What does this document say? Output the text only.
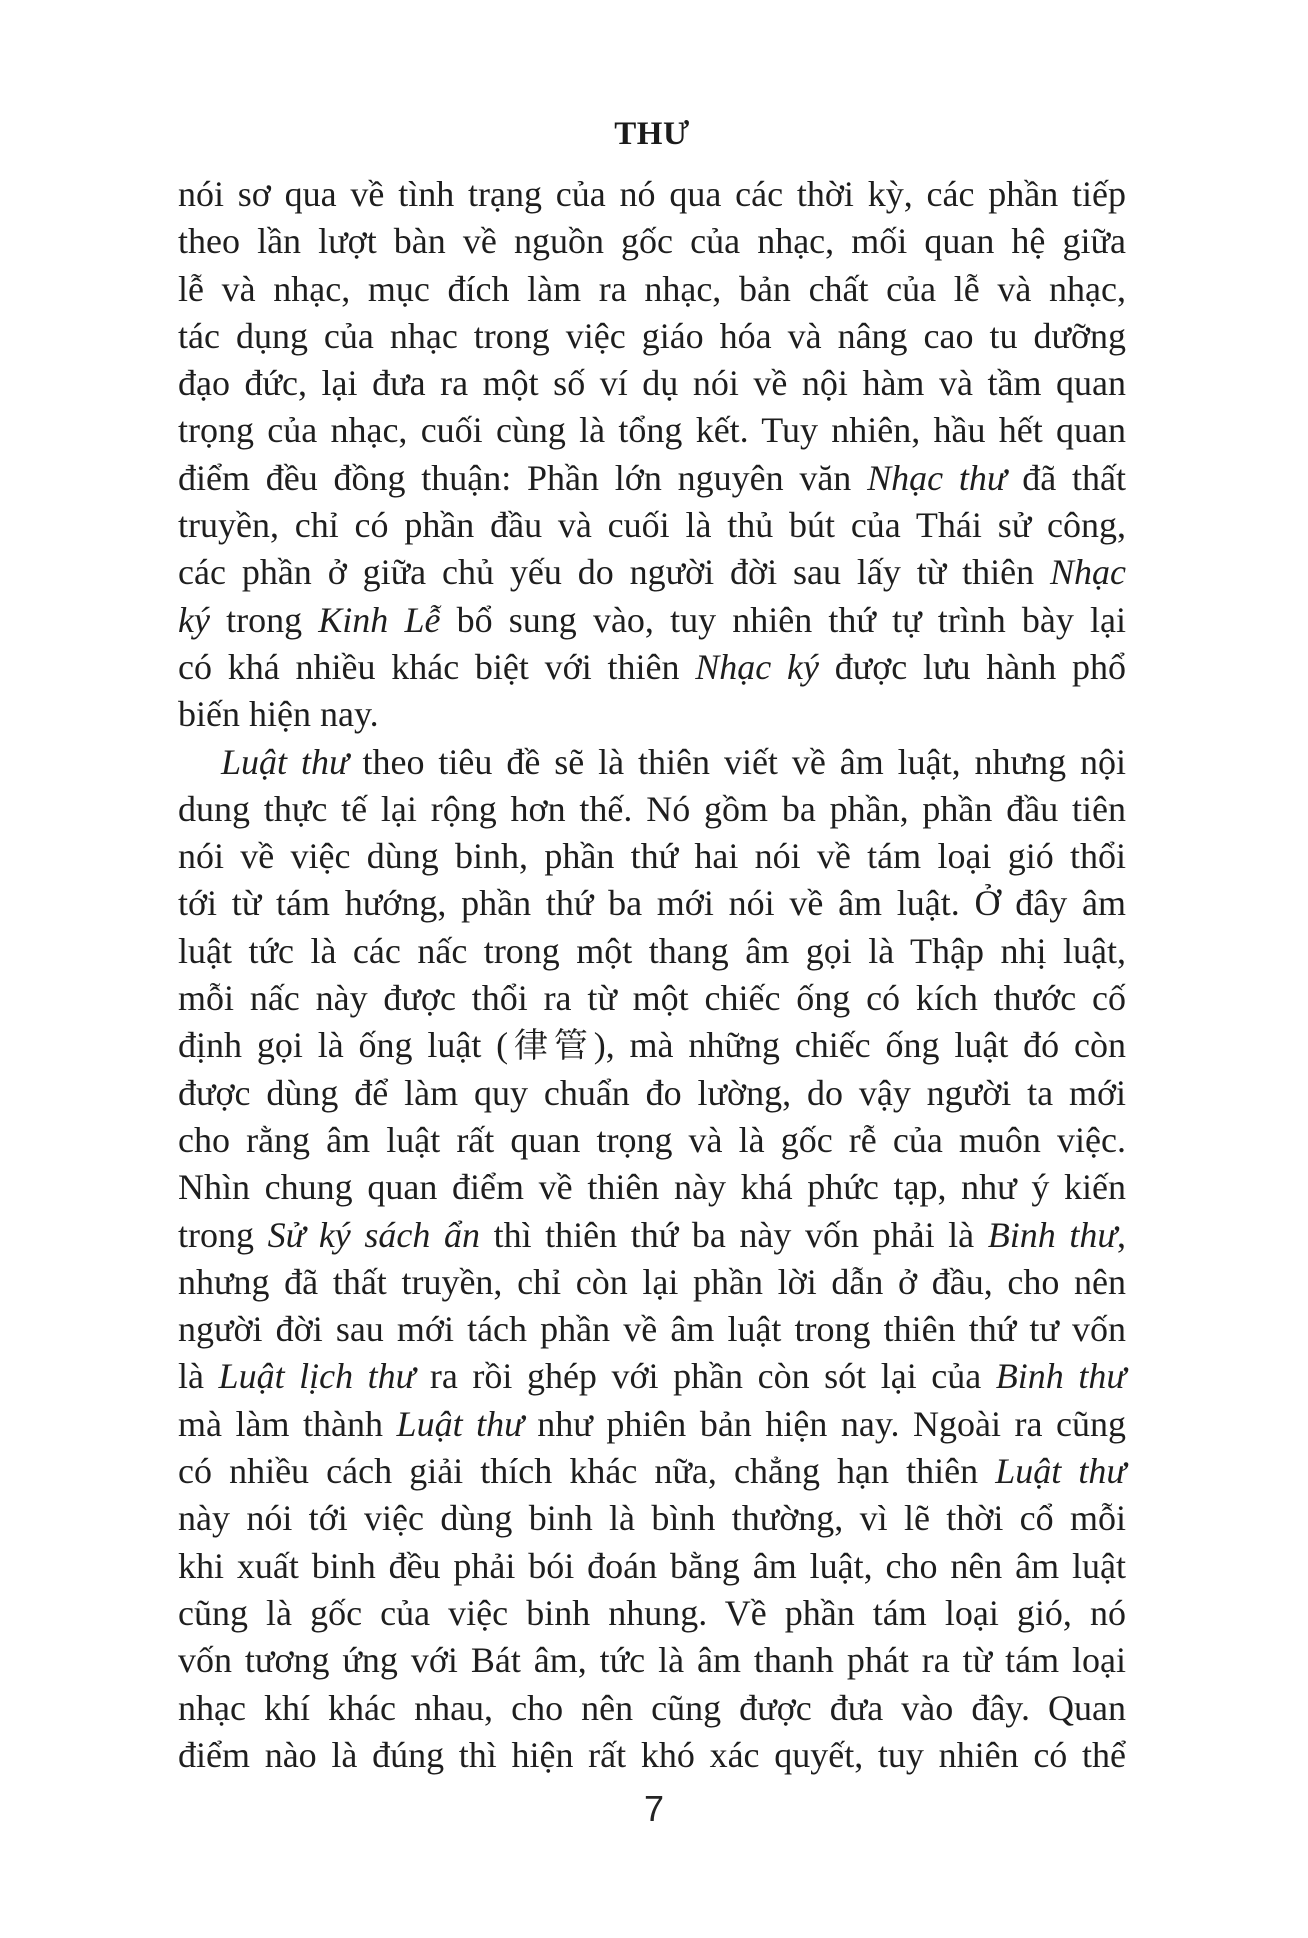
THƯ
nói sơ qua về tình trạng của nó qua các thời kỳ, các phần tiếp
theo lần lượt bàn về nguồn gốc của nhạc, mối quan hệ giữa
lễ và nhạc, mục đích làm ra nhạc, bản chất của lễ và nhạc,
tác dụng của nhạc trong việc giáo hóa và nâng cao tu dưỡng
đạo đức, lại đưa ra một số ví dụ nói về nội hàm và tầm quan
trọng của nhạc, cuối cùng là tổng kết. Tuy nhiên, hầu hết quan
điểm đều đồng thuận: Phần lớn nguyên văn Nhạc thư đã thất
truyền, chỉ có phần đầu và cuối là thủ bút của Thái sử công,
các phần ở giữa chủ yếu do người đời sau lấy từ thiên Nhạc
ký trong Kinh Lễ bổ sung vào, tuy nhiên thứ tự trình bày lại
có khá nhiều khác biệt với thiên Nhạc ký được lưu hành phổ
biến hiện nay.
Luật thư theo tiêu đề sẽ là thiên viết về âm luật, nhưng nội
dung thực tế lại rộng hơn thế. Nó gồm ba phần, phần đầu tiên
nói về việc dùng binh, phần thứ hai nói về tám loại gió thổi
tới từ tám hướng, phần thứ ba mới nói về âm luật. Ở đây âm
luật tức là các nấc trong một thang âm gọi là Thập nhị luật,
mỗi nấc này được thổi ra từ một chiếc ống có kích thước cố
định gọi là ống luật (律管), mà những chiếc ống luật đó còn
được dùng để làm quy chuẩn đo lường, do vậy người ta mới
cho rằng âm luật rất quan trọng và là gốc rễ của muôn việc.
Nhìn chung quan điểm về thiên này khá phức tạp, như ý kiến
trong Sử ký sách ẩn thì thiên thứ ba này vốn phải là Binh thư,
nhưng đã thất truyền, chỉ còn lại phần lời dẫn ở đầu, cho nên
người đời sau mới tách phần về âm luật trong thiên thứ tư vốn
là Luật lịch thư ra rồi ghép với phần còn sót lại của Binh thư
mà làm thành Luật thư như phiên bản hiện nay. Ngoài ra cũng
có nhiều cách giải thích khác nữa, chẳng hạn thiên Luật thư
này nói tới việc dùng binh là bình thường, vì lẽ thời cổ mỗi
khi xuất binh đều phải bói đoán bằng âm luật, cho nên âm luật
cũng là gốc của việc binh nhung. Về phần tám loại gió, nó
vốn tương ứng với Bát âm, tức là âm thanh phát ra từ tám loại
nhạc khí khác nhau, cho nên cũng được đưa vào đây. Quan
điểm nào là đúng thì hiện rất khó xác quyết, tuy nhiên có thể
7
